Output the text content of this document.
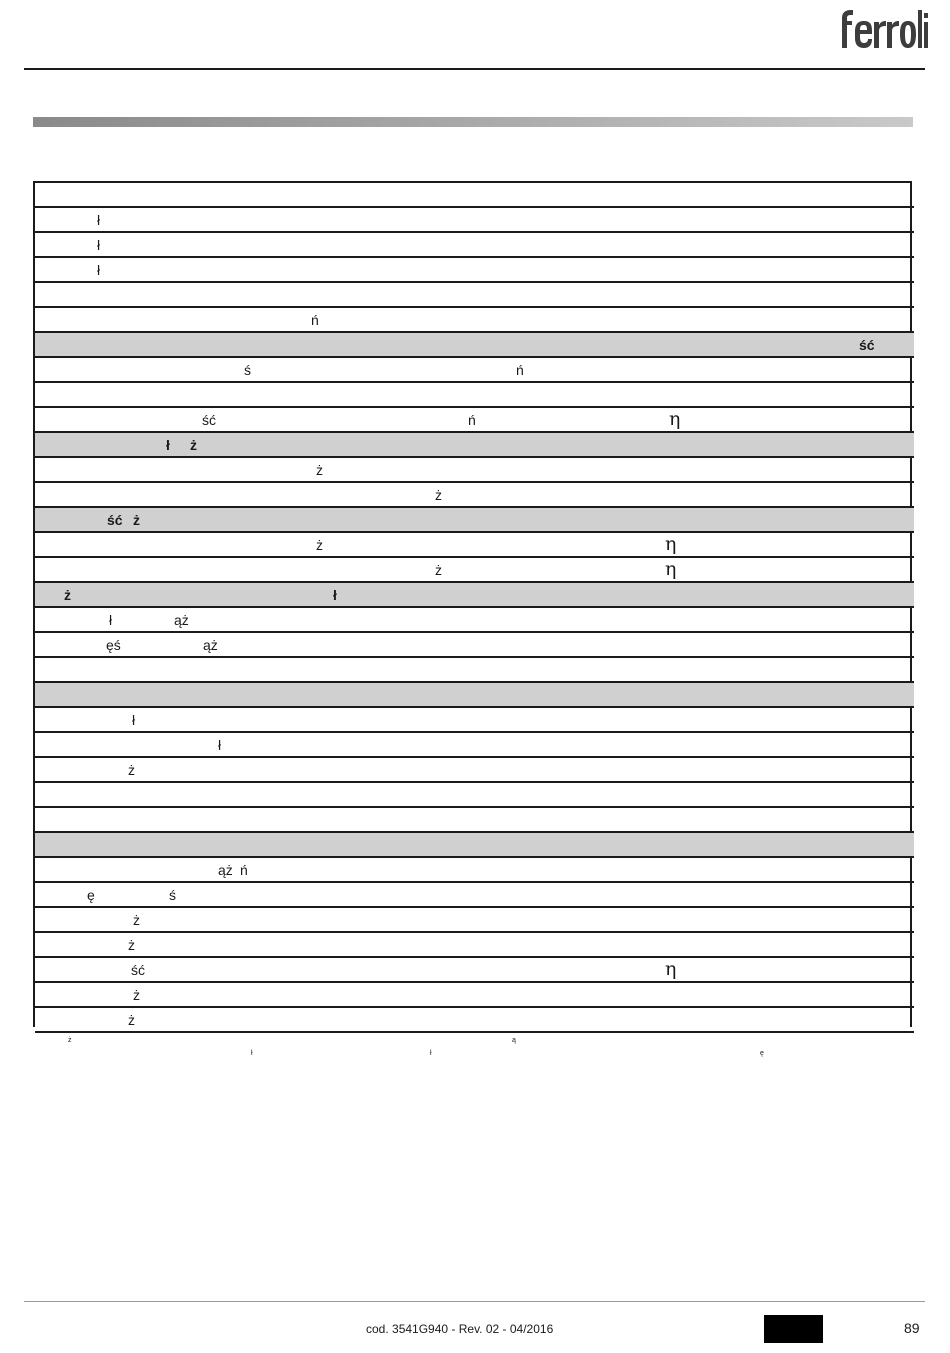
ł
ł
ł
ń
ść
ś	ń
ść	ń	η
ł ż
ż
ż
ść ż
ż	η
ż	η
ż	ł
ł	ąż
ęś	ąż
ł
ł
ż
ąż ń
ę	ś
ż
ż
ść	η
ż
ż
ż	ą
ł	ł	ę
cod. 3541G940 - Rev. 02 - 04/2016	89
